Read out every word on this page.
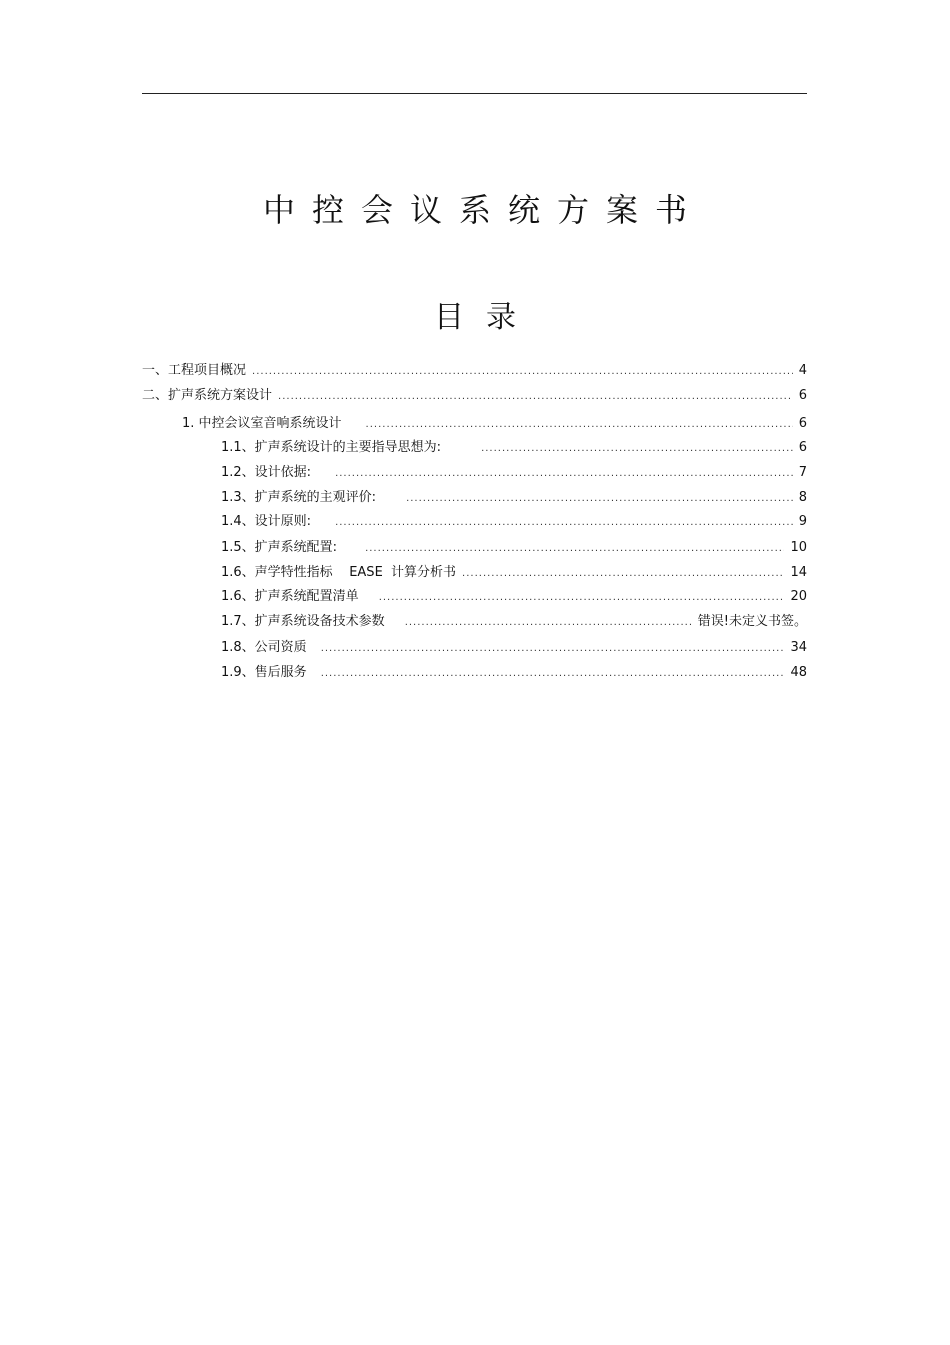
中控会议系统方案书
目录
一、 工程项目概况 .....	4
二、 扩声系统方案设计 .....	6
1. 中控会议室音响系统设计 .....	6
1.1、扩声系统设计的主要指导思想为: .....	6
1.2、设计依据: .....	7
1.3、扩声系统的主观评价: .....	8
1.4、设计原则: .....	9
1.5、扩声系统配置: .....	10
1.6、声学特性指标    EASE  计算分析书 .....	14
1.6、扩声系统配置清单 .....	20
1.7、扩声系统设备技术参数 .....	错误!未定义书签。
1.8、公司资质 .....	34
1.9、售后服务 .....	48
